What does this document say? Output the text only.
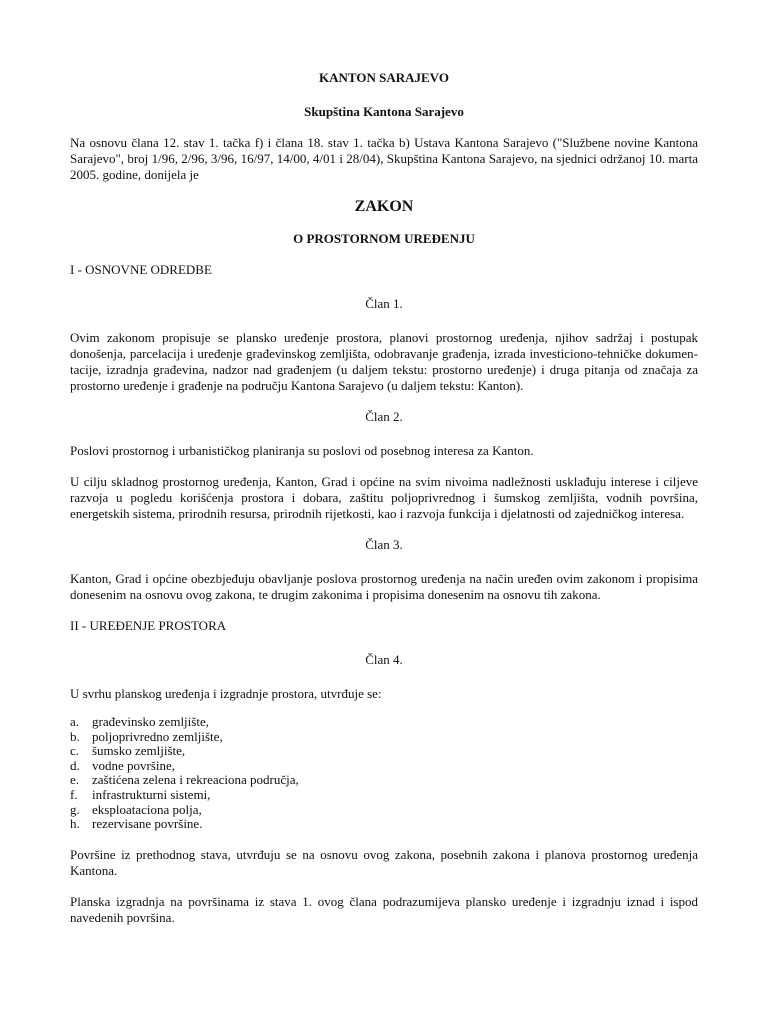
KANTON SARAJEVO
Skupština Kantona Sarajevo

Na osnovu člana 12. stav 1. tačka f) i člana 18. stav 1. tačka b) Ustava Kantona Sarajevo ("Službene novine Kantona Sarajevo", broj 1/96, 2/96, 3/96, 16/97, 14/00, 4/01 i 28/04), Skupština Kantona Sarajevo, na sjednici održanoj 10. marta 2005. godine, donijela je

ZAKON
O PROSTORNOM UREĐENJU
I - OSNOVNE ODREDBE
Član 1.

Ovim zakonom propisuje se plansko uređenje prostora, planovi prostornog uređenja, njihov sadržaj i postupak donošenja, parcelacija i uređenje građevinskog zemljišta, odobravanje građenja, izrada investiciono-tehničke dokumen- tacije, izradnja građevina, nadzor nad građenjem (u daljem tekstu: prostorno uređenje) i druga pitanja od značaja za prostorno uređenje i građenje na području Kantona Sarajevo (u daljem tekstu: Kanton).

Član 2.

Poslovi prostornog i urbanističkog planiranja su poslovi od posebnog interesa za Kanton.

U cilju skladnog prostornog uređenja, Kanton, Grad i općine na svim nivoima nadležnosti usklađuju interese i ciljeve razvoja u pogledu korišćenja prostora i dobara, zaštitu poljoprivrednog i šumskog zemljišta, vodnih površina, energetskih sistema, prirodnih resursa, prirodnih rijetkosti, kao i razvoja funkcija i djelatnosti od zajedničkog interesa.

Član 3.

Kanton, Grad i općine obezbjeđuju obavljanje poslova prostornog uređenja na način uređen ovim zakonom i propisima donesenim na osnovu ovog zakona, te drugim zakonima i propisima donesenim na osnovu tih zakona.

II - UREĐENJE PROSTORA
Član 4.

U svrhu planskog uređenja i izgradnje prostora, utvrđuje se:

a. građevinsko zemljište,
b. poljoprivredno zemljište,
c. šumsko zemljište,
d. vodne površine,
e. zaštićena zelena i rekreaciona područja,
f.	infrastrukturni sistemi,
g. eksploataciona polja,
h. rezervisane površine.

Površine iz prethodnog stava, utvrđuju se na osnovu ovog zakona, posebnih zakona i planova prostornog uređenja Kantona.

Planska izgradnja na površinama iz stava 1. ovog člana podrazumijeva plansko uređenje i izgradnju iznad i ispod navedenih površina.
